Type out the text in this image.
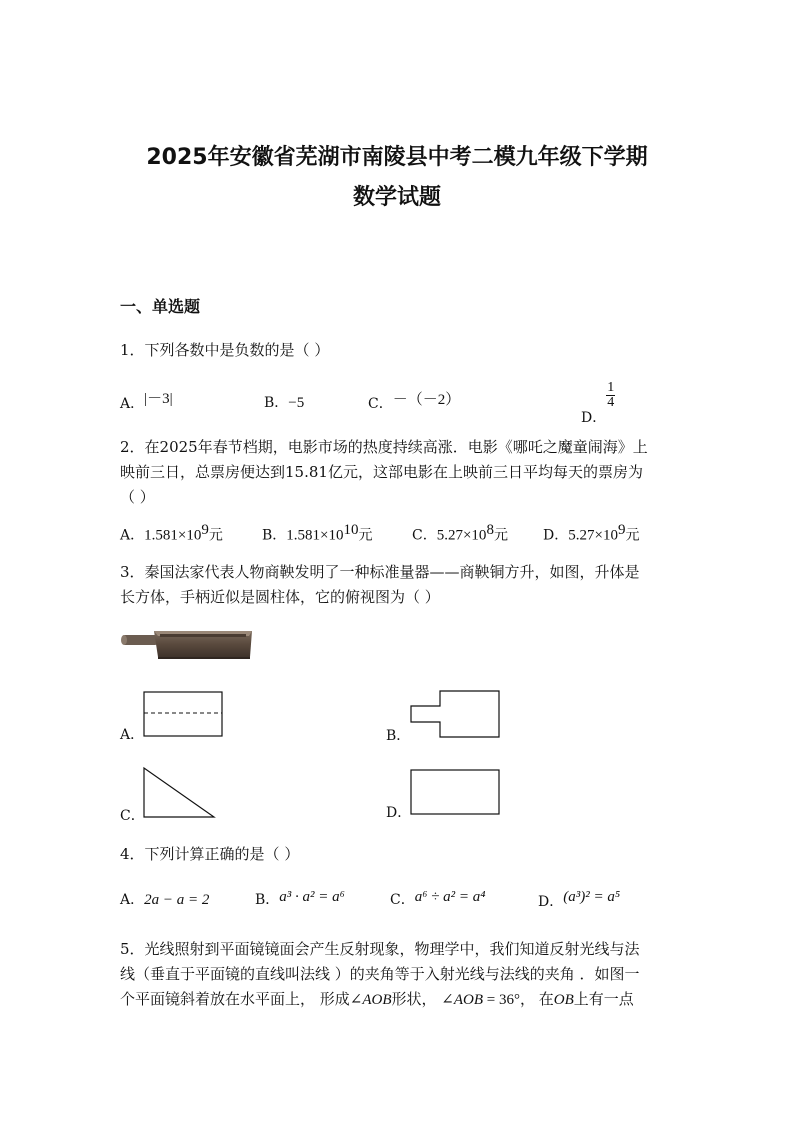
2025年安徽省芜湖市南陵县中考二模九年级下学期
数学试题
一、单选题
1．下列各数中是负数的是（ ）
A．|－3|	B．−5	C．－（－2）
D．
$\frac{1}{4}$
2．在2025年春节档期，电影市场的热度持续高涨．电影《哪吒之魔童闹海》上
映前三日，总票房便达到15.81亿元，这部电影在上映前三日平均每天的票房为
（ ）
A．$1.581\times 10^9$元	B．$1.581\times 10^{10}$元	C．$5.27\times 10^8$元	D．$5.27\times 10^9$元
3．秦国法家代表人物商鞅发明了一种标准量器——商鞅铜方升，如图，升体是
长方体，手柄近似是圆柱体，它的俯视图为（ ）
A．	B．
C．	D．
4．下列计算正确的是（ ）
A．2a − a = 2	B．a³ · a² = a⁶	C．a⁶ ÷ a² = a⁴	D．(a³)² = a⁵
5．光线照射到平面镜镜面会产生反射现象，物理学中，我们知道反射光线与法
线（垂直于平面镜的直线叫法线 ）的夹角等于入射光线与法线的夹角 ．如图一
个平面镜斜着放在水平面上， 形成∠AOB形状， ∠AOB = 36°， 在OB上有一点
